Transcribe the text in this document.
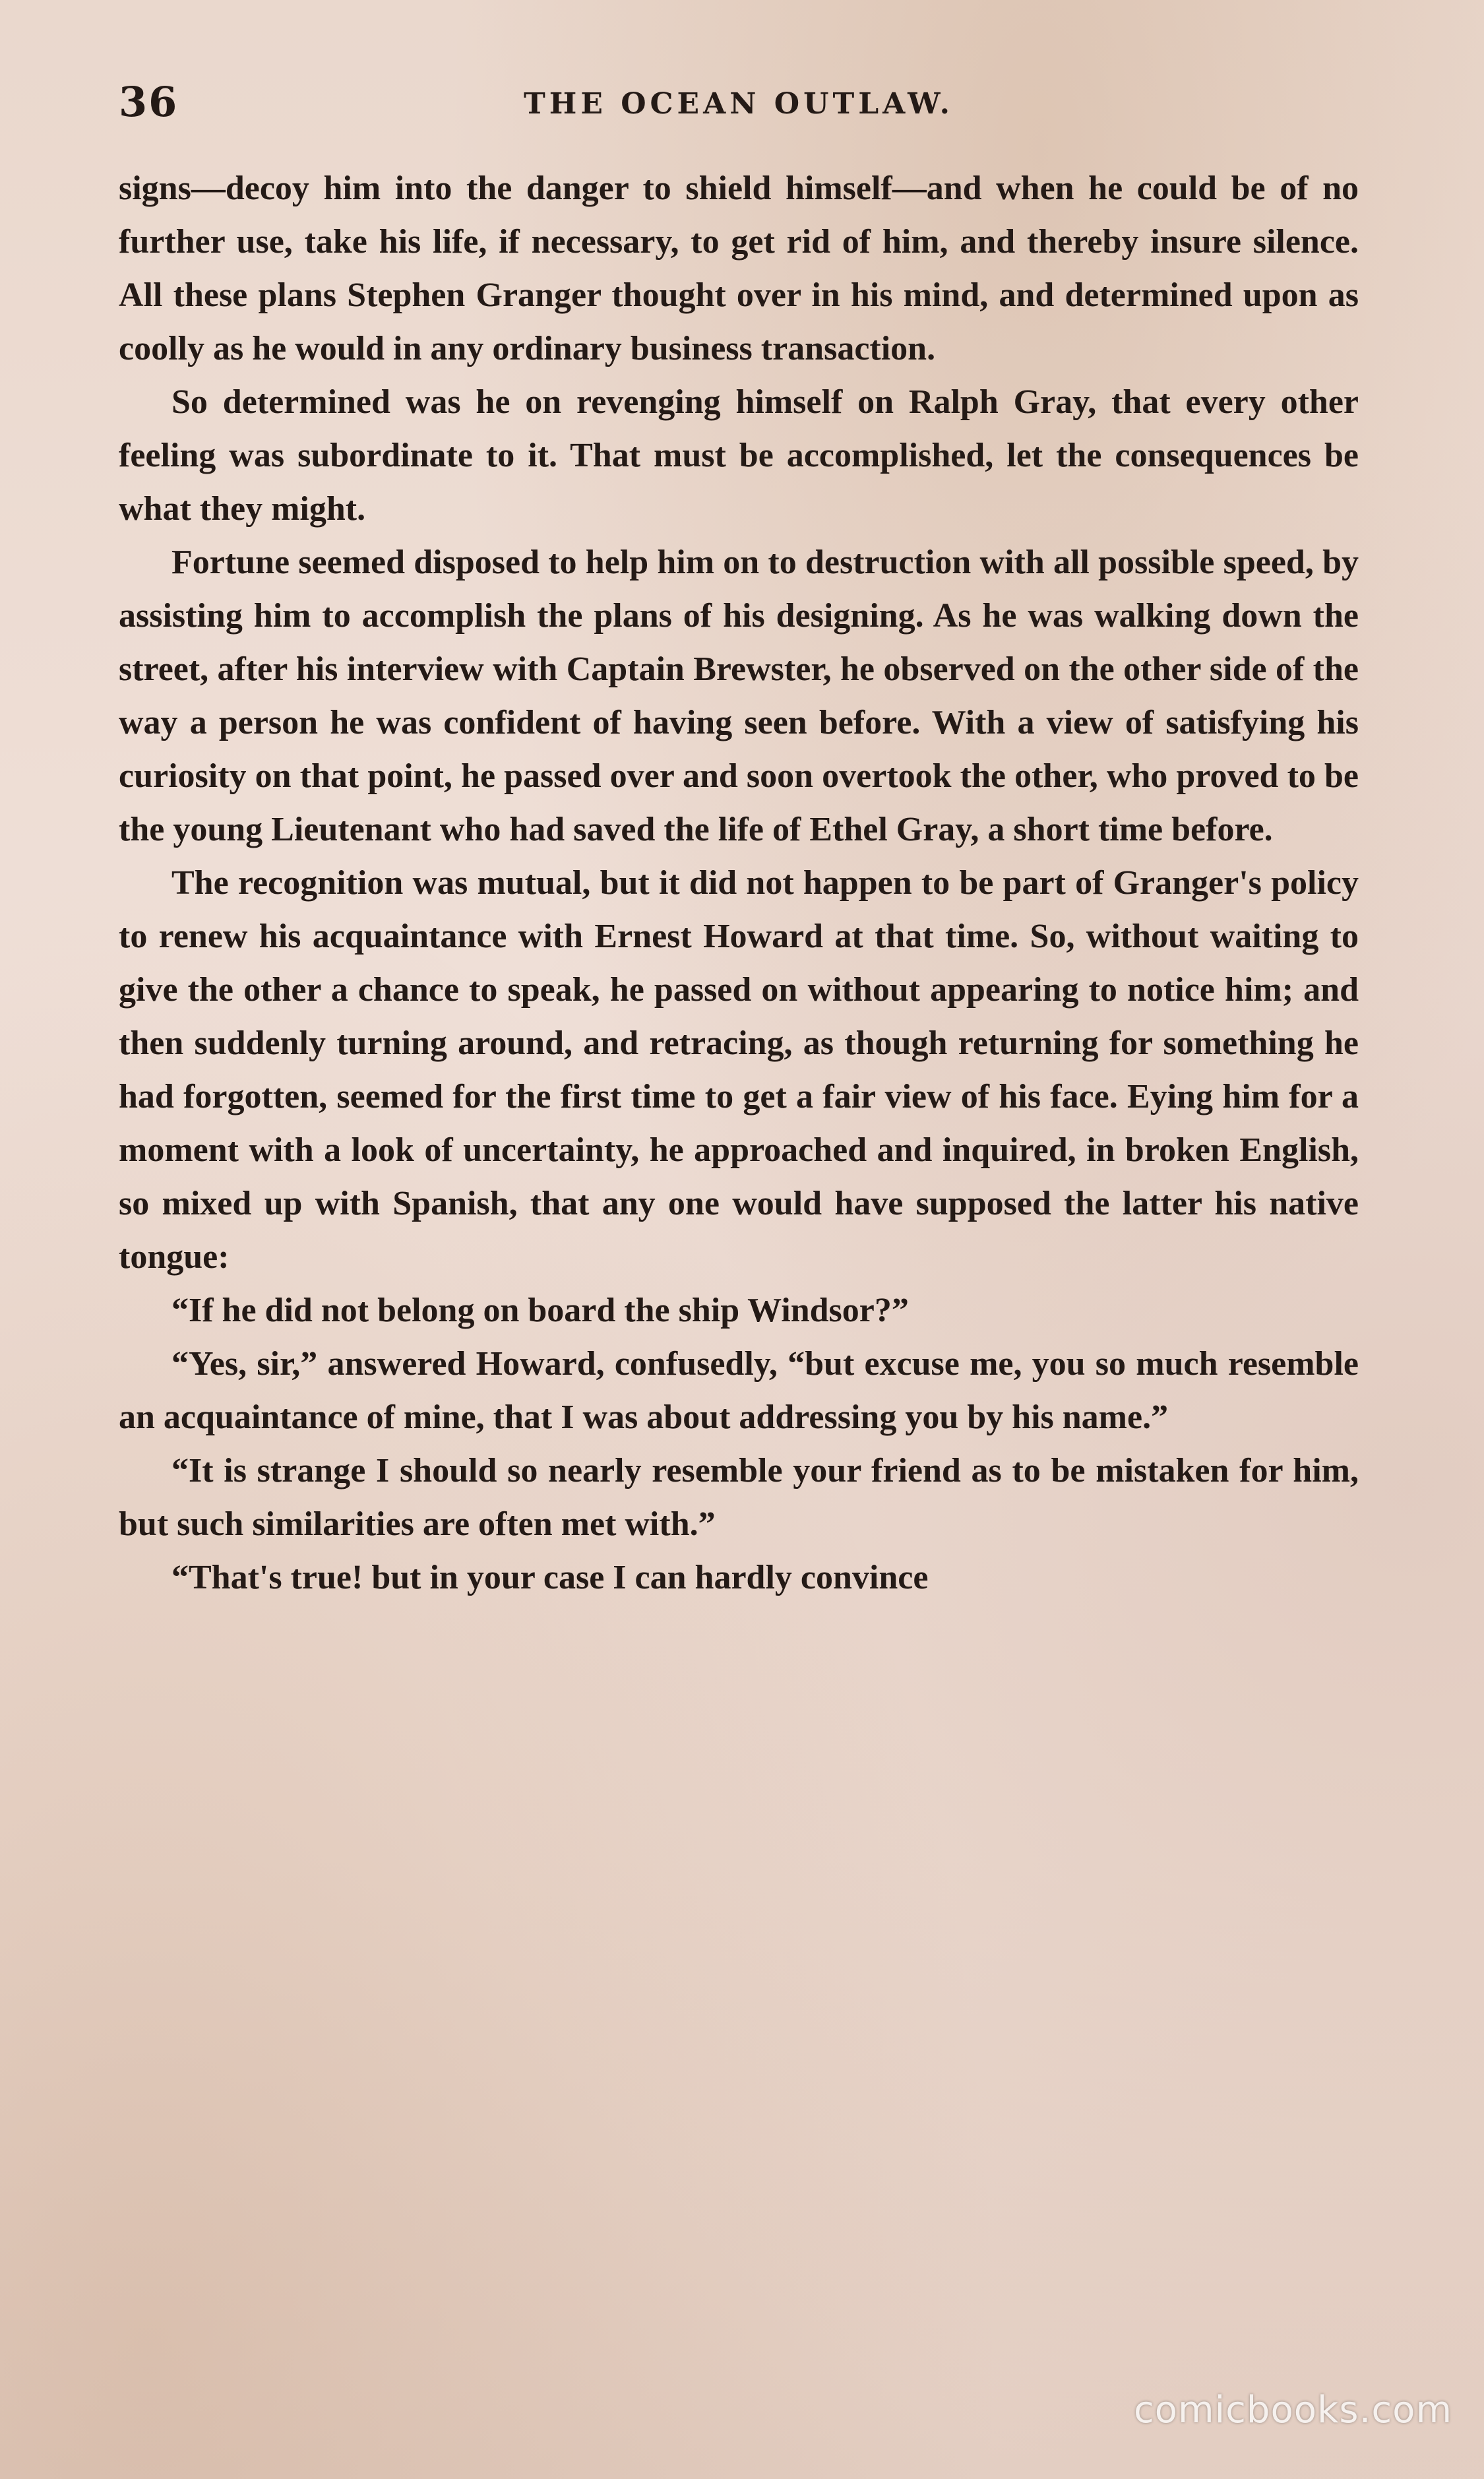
36	THE OCEAN OUTLAW.

signs—decoy him into the danger to shield himself—and when he could be of no further use, take his life, if necessary, to get rid of him, and thereby insure silence. All these plans Stephen Granger thought over in his mind, and determined upon as coolly as he would in any ordinary business transaction.

So determined was he on revenging himself on Ralph Gray, that every other feeling was subordinate to it. That must be accomplished, let the consequences be what they might.

Fortune seemed disposed to help him on to destruction with all possible speed, by assisting him to accomplish the plans of his designing. As he was walking down the street, after his interview with Captain Brewster, he observed on the other side of the way a person he was confident of having seen before. With a view of satisfying his curiosity on that point, he passed over and soon overtook the other, who proved to be the young Lieutenant who had saved the life of Ethel Gray, a short time before.

The recognition was mutual, but it did not happen to be part of Granger's policy to renew his acquaintance with Ernest Howard at that time. So, without waiting to give the other a chance to speak, he passed on without appearing to notice him; and then suddenly turning around, and retracing, as though returning for something he had forgotten, seemed for the first time to get a fair view of his face. Eying him for a moment with a look of uncertainty, he approached and inquired, in broken English, so mixed up with Spanish, that any one would have supposed the latter his native tongue:

“If he did not belong on board the ship Windsor?”

“Yes, sir,” answered Howard, confusedly, “but excuse me, you so much resemble an acquaintance of mine, that I was about addressing you by his name.”

“It is strange I should so nearly resemble your friend as to be mistaken for him, but such similarities are often met with.”

“That's true! but in your case I can hardly convince

comicbooks.com
